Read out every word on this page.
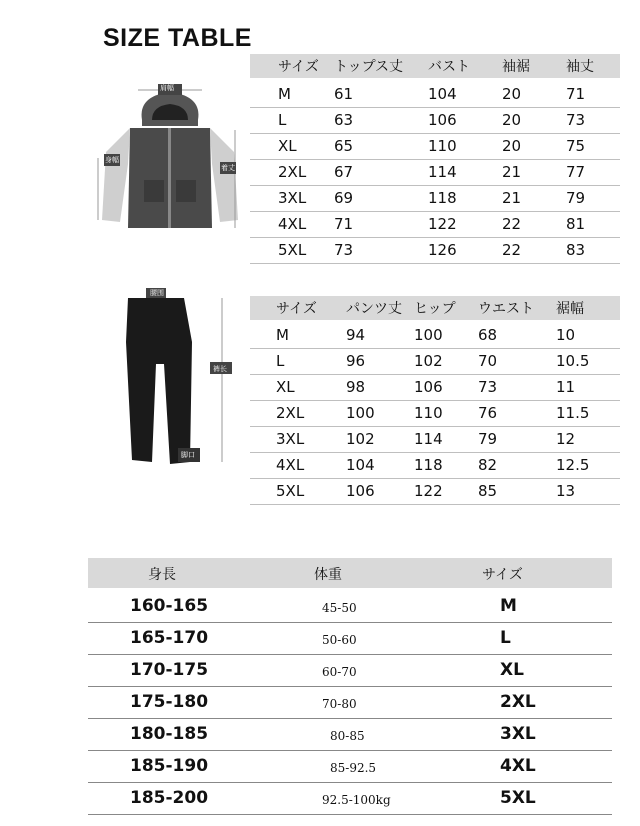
SIZE TABLE
肩幅
着丈
身幅
サイズ トップス丈 バスト 袖裾	袖丈
M	61	104	20	71
L	63	106	20	73
XL 65	110	20	75
2XL 67	114	21	77
3XL 69	118	21	79
4XL 71	122	22	81
5XL 73	126	22	83
腰围
裤长
脚口
サイズ パンツ丈 ヒップ ウエスト 裾幅
M	94	100 68	10
L	96	102 70	10.5
XL	98	106 73	11
2XL	100	110 76	11.5
3XL	102	114 79	12
4XL	104	118 82	12.5
5XL	106	122 85	13
身長	体重	サイズ
160-165	45-50	M
165-170	50-60	L
170-175	60-70	XL
175-180	70-80	2XL
180-185	80-85	3XL
185-190	85-92.5	4XL
185-200	92.5-100kg	5XL
